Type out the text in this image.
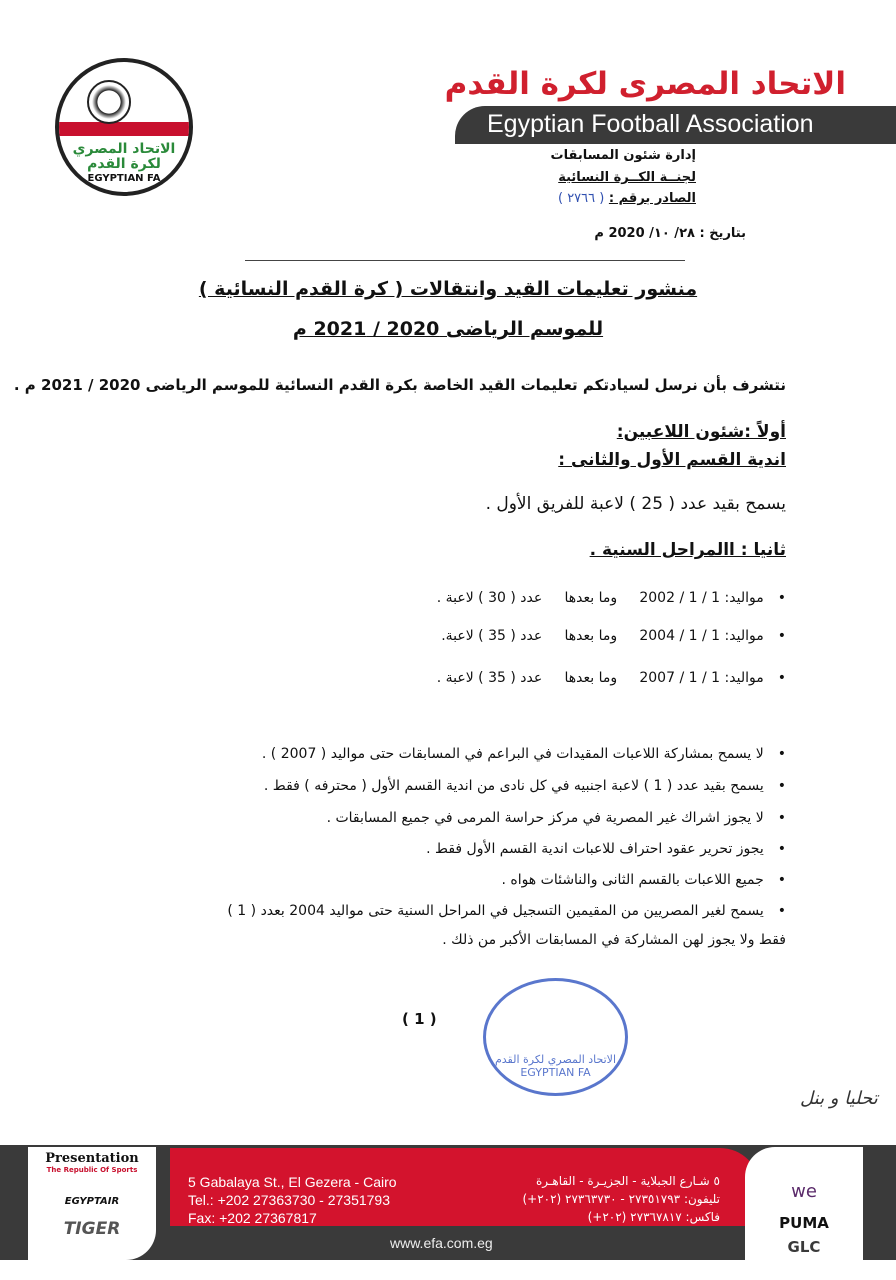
الاتحاد المصري لكرة القدم
EGYPTIAN FA
الاتحاد المصرى لكرة القدم
Egyptian Football Association
إدارة شئون المسابقات
لجنــة الكــرة النسائية
الصادر برقم : ( ٢٧٦٦ )
بتاريخ : ٢٨/ ١٠/ 2020 م
منشور تعليمات القيد وانتقالات ( كرة القدم النسائية )
للموسم الرياضى 2020 / 2021 م
نتشرف بأن نرسل لسيادتكم تعليمات القيد الخاصة بكرة القدم النسائية للموسم الرياضى 2020 / 2021 م .
أولاً :شئون اللاعبين:
اندية القسم الأول والثانى :
يسمح بقيد عدد ( 25 ) لاعبة للفريق الأول .
ثانيا : االمراحل السنية .
• مواليد: 1 / 1 / 2002     وما بعدها     عدد ( 30 ) لاعبة .
• مواليد: 1 / 1 / 2004     وما بعدها     عدد ( 35 ) لاعبة.
• مواليد: 1 / 1 / 2007     وما بعدها     عدد ( 35 ) لاعبة .
• لا يسمح بمشاركة اللاعبات المقيدات في البراعم في المسابقات حتى مواليد ( 2007 ) .
• يسمح بقيد عدد ( 1 ) لاعبة اجنبيه في كل نادى من اندية القسم الأول ( محترفه ) فقط .
• لا يجوز اشراك غير المصرية في مركز حراسة المرمى في جميع المسابقات .
• يجوز تحرير عقود احتراف للاعبات اندية القسم الأول فقط .
• جميع اللاعبات بالقسم الثانى والناشئات هواه .
• يسمح لغير المصريين من المقيمين التسجيل في المراحل السنية حتى مواليد 2004 بعدد ( 1 )
فقط ولا يجوز لهن المشاركة في المسابقات الأكبر من ذلك .
( 1 )
الاتحاد المصري لكرة القدم EGYPTIAN FA
تحليا و بنل
Presentation
The Republic Of Sports
EGYPTAIR
TIGER
5 Gabalaya St., El Gezera - Cairo
Tel.: +202 27363730 - 27351793
Fax: +202 27367817
٥ شـارع الجبلاية - الجزيـرة - القاهـرة
تليفون: ٢٧٣٥١٧٩٣ - ٢٧٣٦٣٧٣٠ (٢٠٢+)
فاكس: ٢٧٣٦٧٨١٧ (٢٠٢+)
www.efa.com.eg
we
PUMA
GLC
